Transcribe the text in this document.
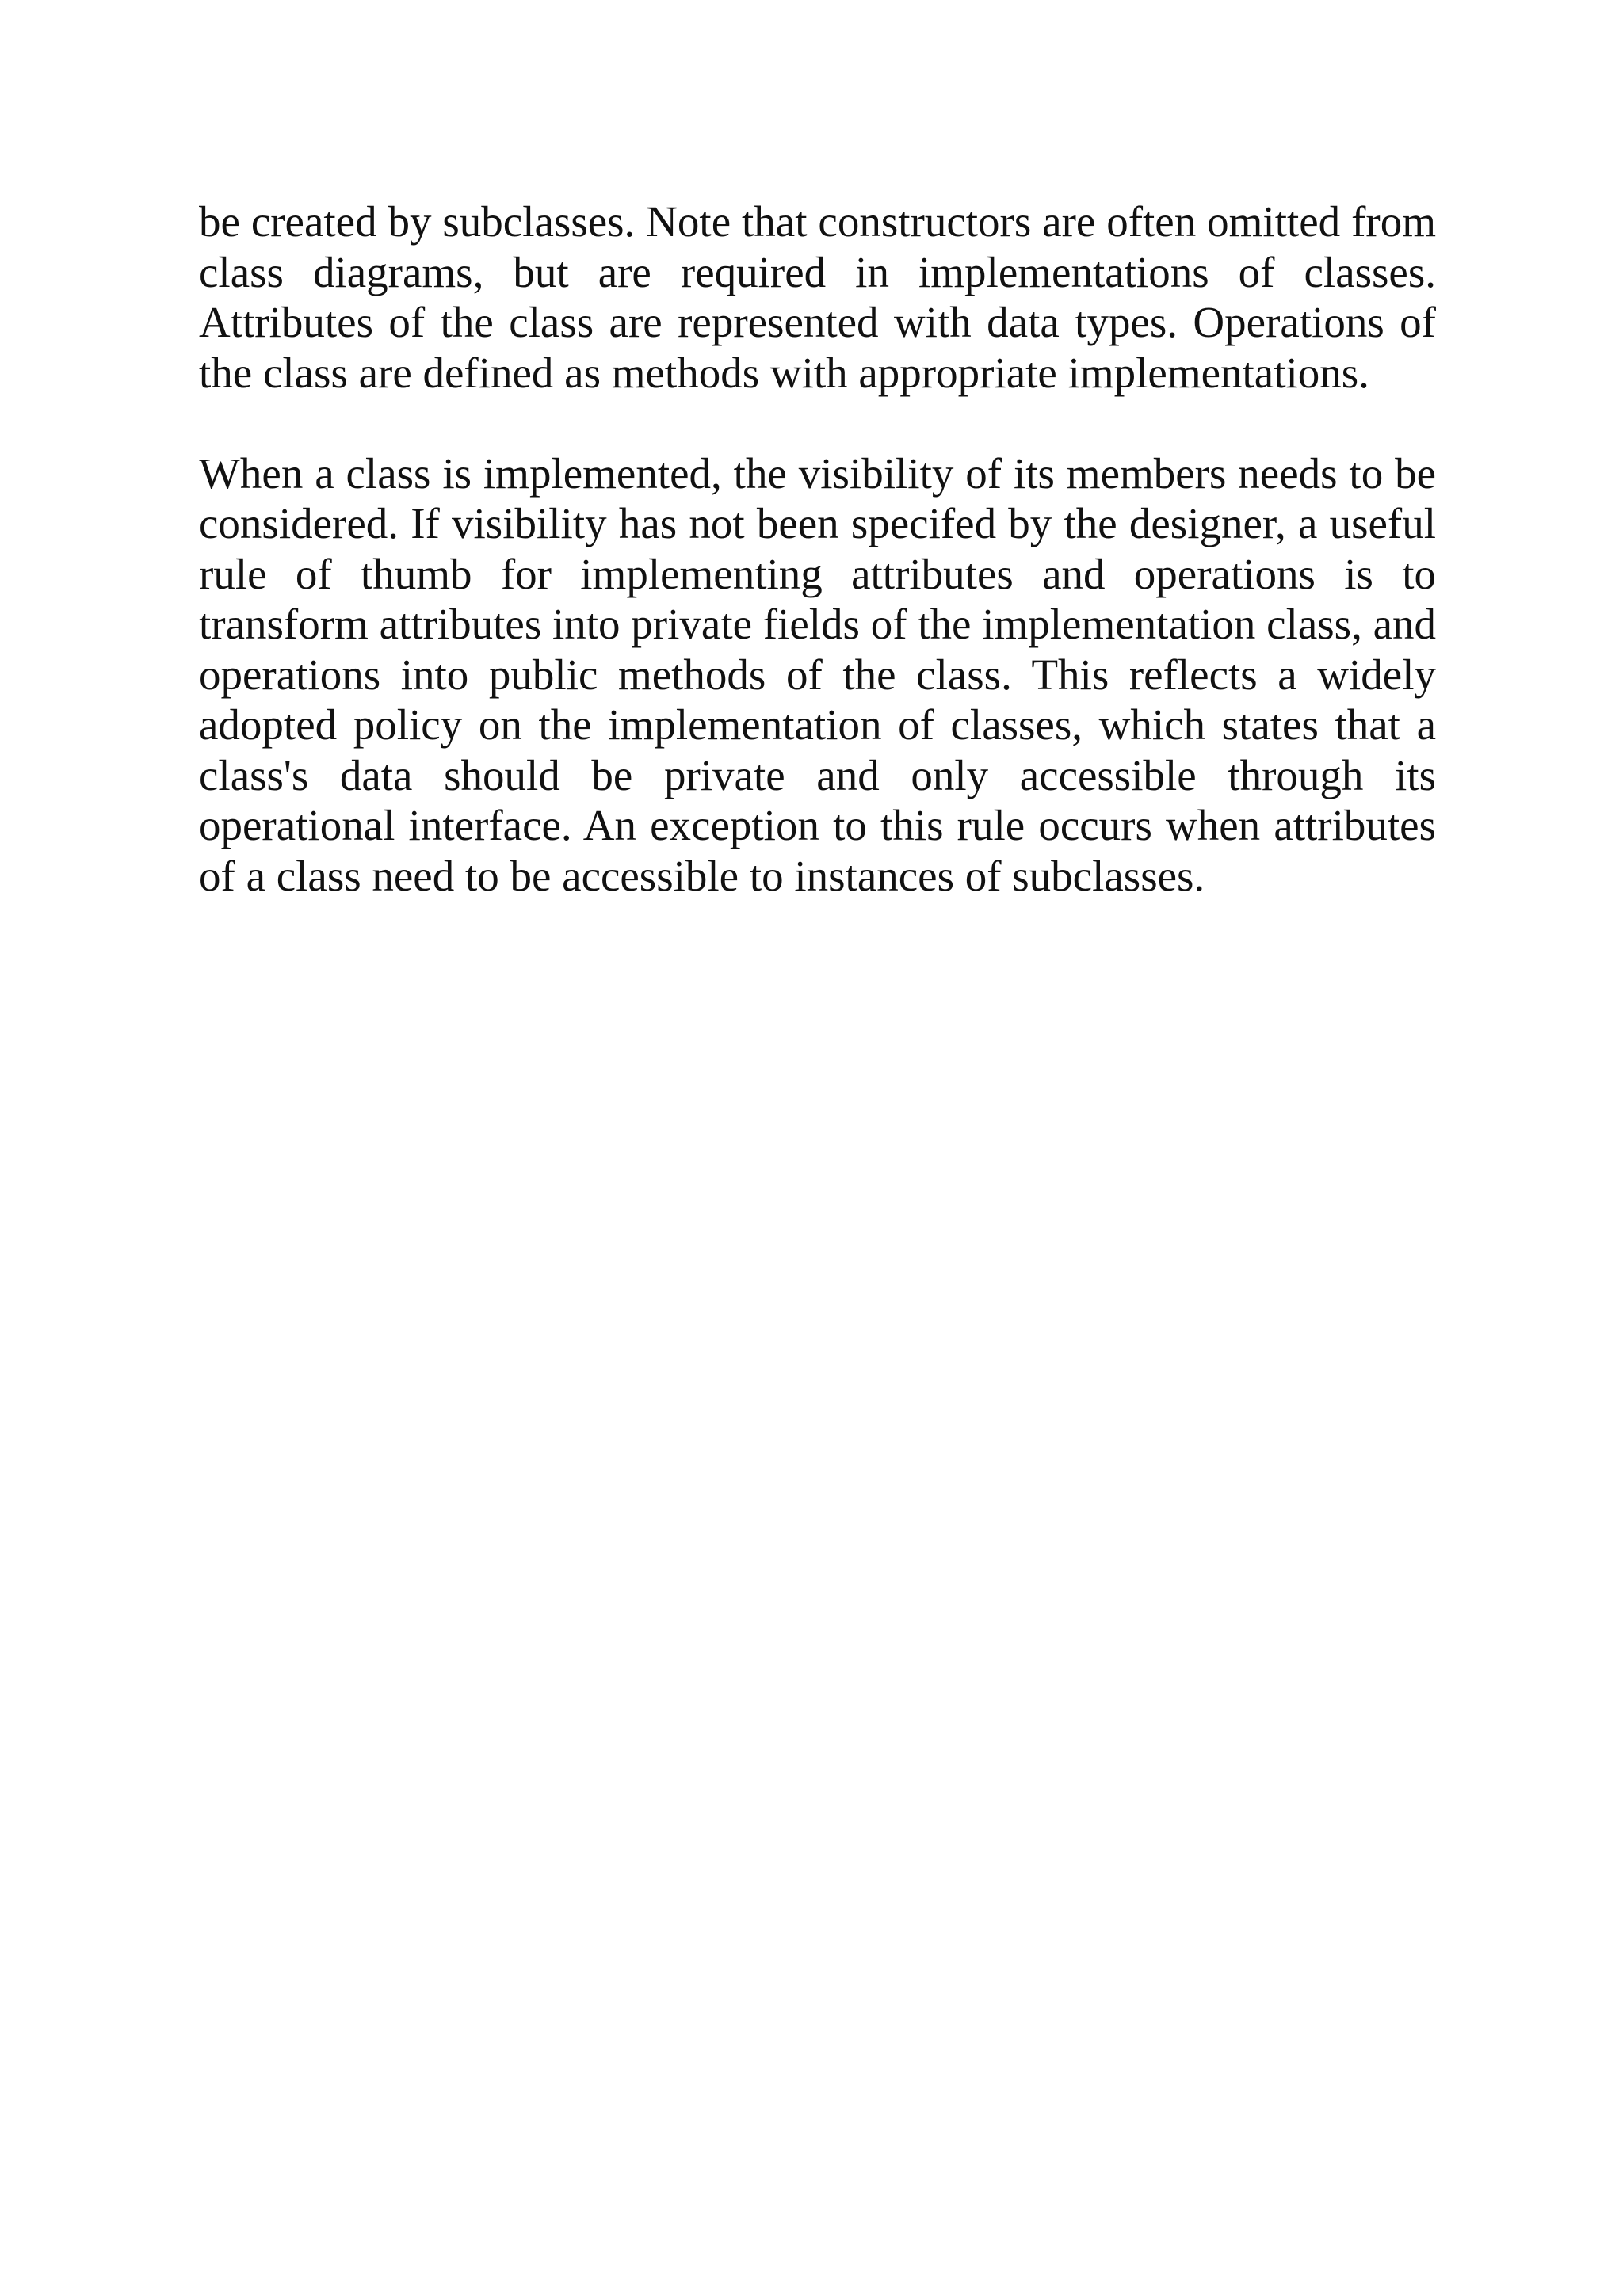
be created by subclasses. Note that constructors are often omitted from class diagrams, but are required in implementations of classes. Attributes of the class are represented with data types. Operations of the class are defined as methods with appropriate implementations.

When a class is implemented, the visibility of its members needs to be considered. If visibility has not been specifed by the designer, a useful rule of thumb for implementing attributes and operations is to transform attributes into private fields of the implementation class, and operations into public methods of the class. This reflects a widely adopted policy on the implementation of classes, which states that a class's data should be private and only accessible through its operational interface. An exception to this rule occurs when attributes of a class need to be accessible to instances of subclasses.
